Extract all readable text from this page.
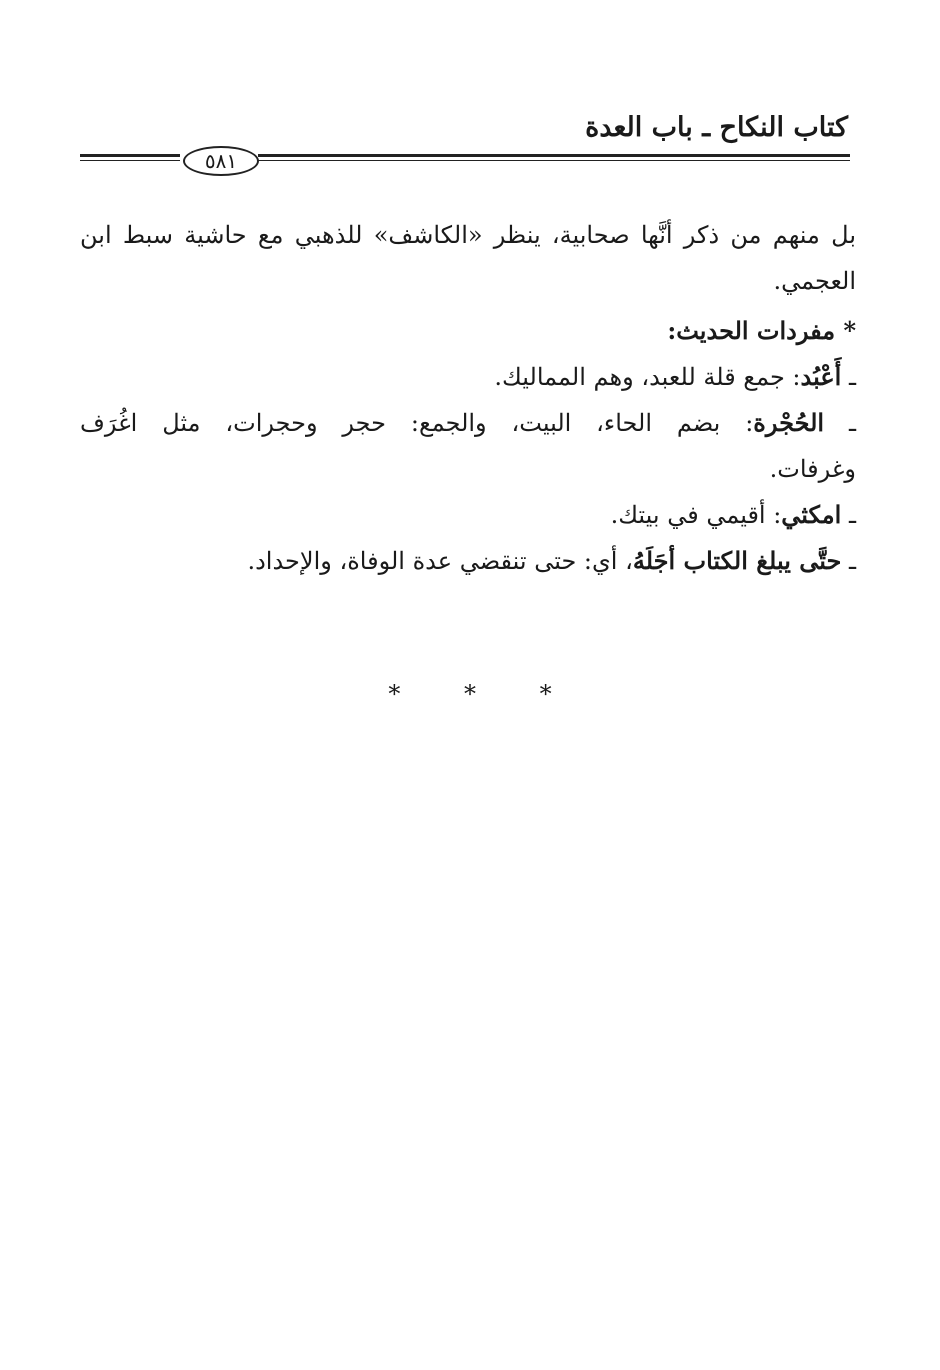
كتاب النكاح ـ باب العدة
٥٨١
بل منهم من ذكر أنَّها صحابية، ينظر «الكاشف» للذهبي مع حاشية سبط ابن
العجمي.
* مفردات الحديث:
ـ أَعْبُد: جمع قلة للعبد، وهم المماليك.
ـ الحُجْرة: بضم الحاء، البيت، والجمع: حجر وحجرات، مثل اغُرَف
وغرفات.
ـ امكثي: أقيمي في بيتك.
ـ حتَّى يبلغ الكتاب أجَلَهُ، أي: حتى تنقضي عدة الوفاة، والإحداد.
* * *
